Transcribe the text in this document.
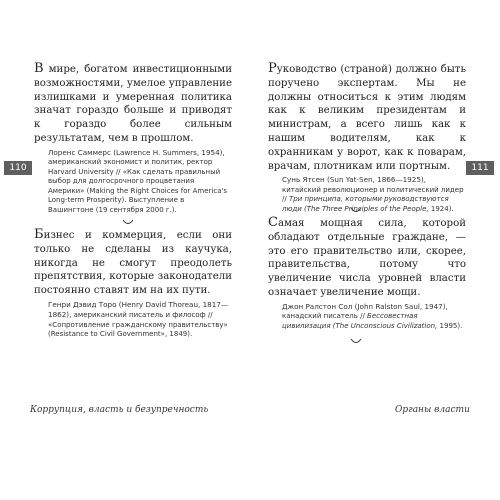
110

В мире, богатом инвестиционными возможностями, умелое управление излишками и умеренная политика значат гораздо больше и приводят к гораздо более сильным результатам, чем в прошлом.

Лоренс Саммерс (Lawrence H. Summers, 1954), американский экономист и политик, ректор Harvard University // «Как сделать правильный выбор для долгосрочного процветания Америки» (Making the Right Choices for America's Long-term Prosperity). Выступление в Вашингтоне (19 сентября 2000 г.).

Бизнес и коммерция, если они только не сделаны из каучука, никогда не смогут преодолеть препятствия, которые законодатели постоянно ставят им на их пути.

Генри Дэвид Торо (Henry David Thoreau, 1817—1862), американский писатель и философ // «Сопротивление гражданскому правительству» (Resistance to Civil Government», 1849).

Коррупция, власть и безупречность
111

Руководство (страной) должно быть поручено экспертам. Мы не должны относиться к этим людям как к великим президентам и министрам, а всего лишь как к нашим водителям, как к охранникам у ворот, как к поварам, врачам, плотникам или портным.

Сунь Ятсен (Sun Yat-Sen, 1866—1925), китайский революционер и политический лидер // Три принципа, которыми руководствуются люди (The Three Principles of the People, 1924).

Самая мощная сила, которой обладают отдельные граждане, — это его правительство или, скорее, правительства, потому что увеличение числа уровней власти означает увеличение мощи.

Джон Ралстон Сол (John Ralston Saul, 1947), канадский писатель // Бессовестная цивилизация (The Unconscious Civilization, 1995).

Органы власти
